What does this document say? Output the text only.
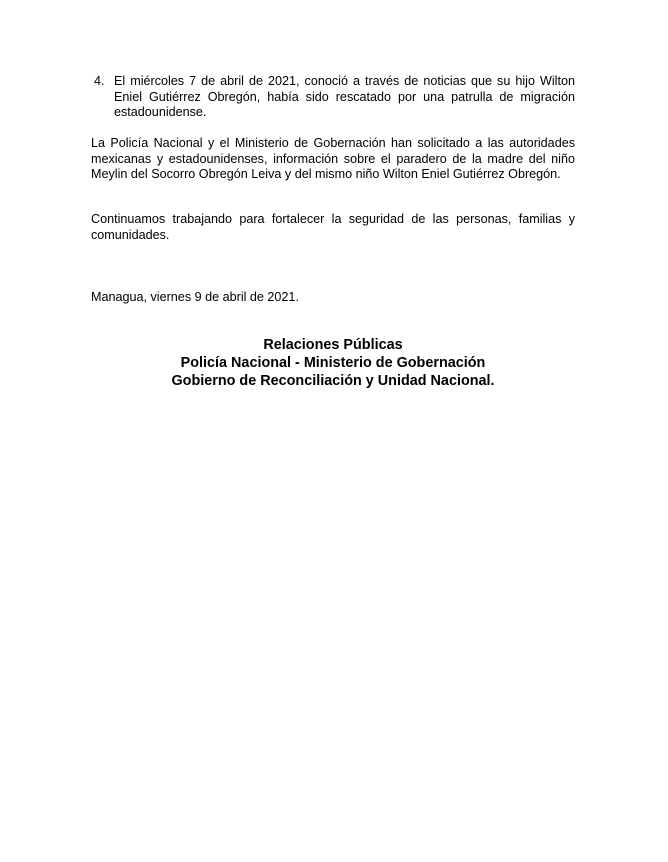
4. El miércoles 7 de abril de 2021, conoció a través de noticias que su hijo Wilton Eniel Gutiérrez Obregón, había sido rescatado por una patrulla de migración estadounidense.

La Policía Nacional y el Ministerio de Gobernación han solicitado a las autoridades mexicanas y estadounidenses, información sobre el paradero de la madre del niño Meylin del Socorro Obregón Leiva y del mismo niño Wilton Eniel Gutiérrez Obregón.

Continuamos trabajando para fortalecer la seguridad de las personas, familias y comunidades.

Managua, viernes 9 de abril de 2021.

Relaciones Públicas
Policía Nacional - Ministerio de Gobernación
Gobierno de Reconciliación y Unidad Nacional.
